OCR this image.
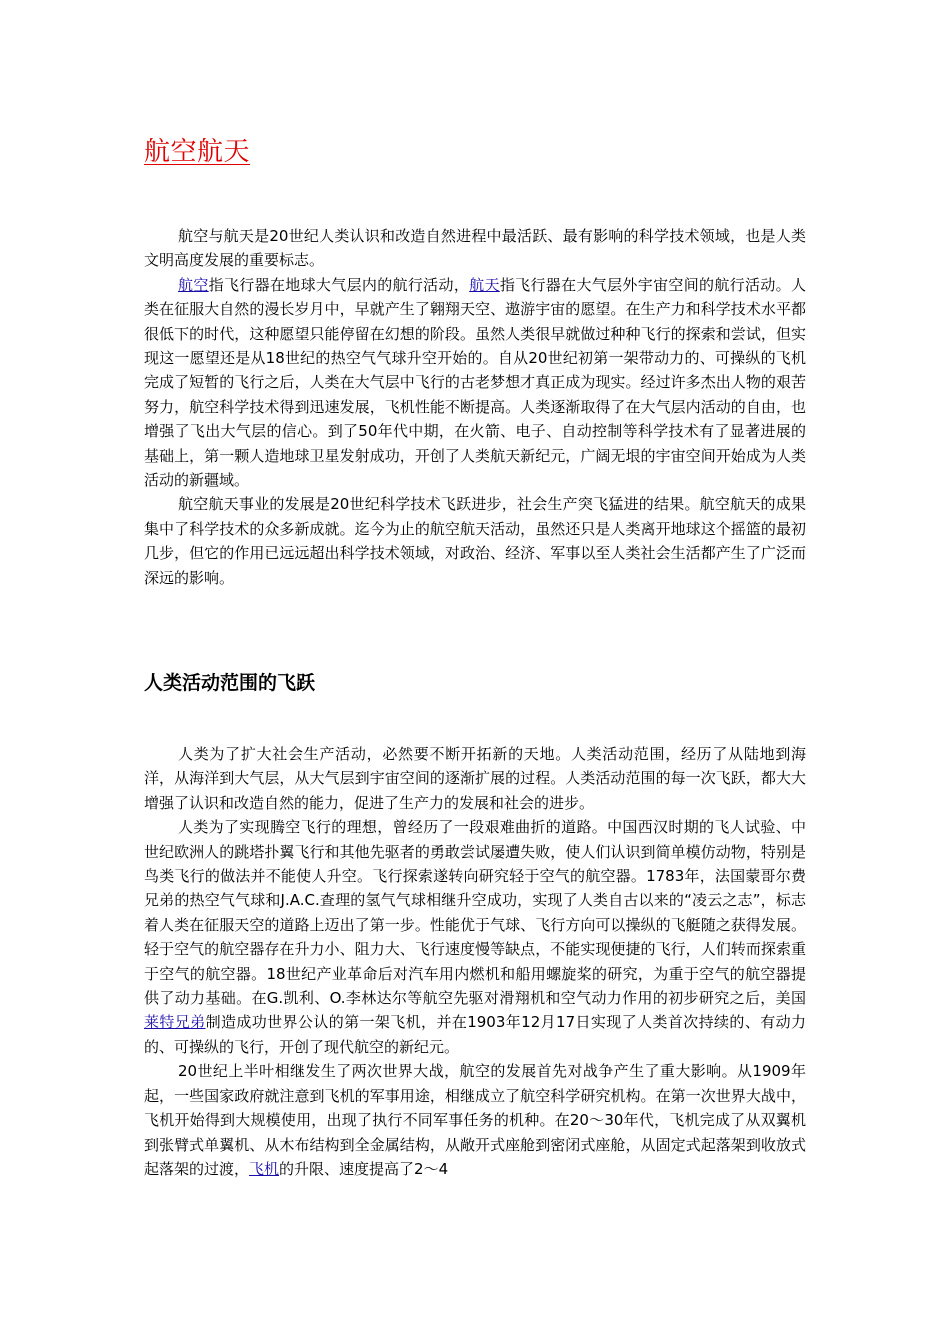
航空航天

航空与航天是20世纪人类认识和改造自然进程中最活跃、最有影响的科学技术领域，也是人类文明高度发展的重要标志。

航空指飞行器在地球大气层内的航行活动，航天指飞行器在大气层外宇宙空间的航行活动。人类在征服大自然的漫长岁月中，早就产生了翱翔天空、遨游宇宙的愿望。在生产力和科学技术水平都很低下的时代，这种愿望只能停留在幻想的阶段。虽然人类很早就做过种种飞行的探索和尝试，但实现这一愿望还是从18世纪的热空气气球升空开始的。自从20世纪初第一架带动力的、可操纵的飞机完成了短暂的飞行之后，人类在大气层中飞行的古老梦想才真正成为现实。经过许多杰出人物的艰苦努力，航空科学技术得到迅速发展，飞机性能不断提高。人类逐渐取得了在大气层内活动的自由，也增强了飞出大气层的信心。到了50年代中期，在火箭、电子、自动控制等科学技术有了显著进展的基础上，第一颗人造地球卫星发射成功，开创了人类航天新纪元，广阔无垠的宇宙空间开始成为人类活动的新疆域。

航空航天事业的发展是20世纪科学技术飞跃进步，社会生产突飞猛进的结果。航空航天的成果集中了科学技术的众多新成就。迄今为止的航空航天活动，虽然还只是人类离开地球这个摇篮的最初几步，但它的作用已远远超出科学技术领域，对政治、经济、军事以至人类社会生活都产生了广泛而深远的影响。

人类活动范围的飞跃

人类为了扩大社会生产活动，必然要不断开拓新的天地。人类活动范围，经历了从陆地到海洋，从海洋到大气层，从大气层到宇宙空间的逐渐扩展的过程。人类活动范围的每一次飞跃，都大大增强了认识和改造自然的能力，促进了生产力的发展和社会的进步。

人类为了实现腾空飞行的理想，曾经历了一段艰难曲折的道路。中国西汉时期的飞人试验、中世纪欧洲人的跳塔扑翼飞行和其他先驱者的勇敢尝试屡遭失败，使人们认识到简单模仿动物，特别是鸟类飞行的做法并不能使人升空。飞行探索遂转向研究轻于空气的航空器。1783年，法国蒙哥尔费兄弟的热空气气球和J.A.C.查理的氢气气球相继升空成功，实现了人类自古以来的“凌云之志”，标志着人类在征服天空的道路上迈出了第一步。性能优于气球、飞行方向可以操纵的飞艇随之获得发展。轻于空气的航空器存在升力小、阻力大、飞行速度慢等缺点，不能实现便捷的飞行，人们转而探索重于空气的航空器。18世纪产业革命后对汽车用内燃机和船用螺旋桨的研究，为重于空气的航空器提供了动力基础。在G.凯利、O.李林达尔等航空先驱对滑翔机和空气动力作用的初步研究之后，美国莱特兄弟制造成功世界公认的第一架飞机，并在1903年12月17日实现了人类首次持续的、有动力的、可操纵的飞行，开创了现代航空的新纪元。

20世纪上半叶相继发生了两次世界大战，航空的发展首先对战争产生了重大影响。从1909年起，一些国家政府就注意到飞机的军事用途，相继成立了航空科学研究机构。在第一次世界大战中，飞机开始得到大规模使用，出现了执行不同军事任务的机种。在20～30年代，飞机完成了从双翼机到张臂式单翼机、从木布结构到全金属结构，从敞开式座舱到密闭式座舱，从固定式起落架到收放式起落架的过渡，飞机的升限、速度提高了2～4
